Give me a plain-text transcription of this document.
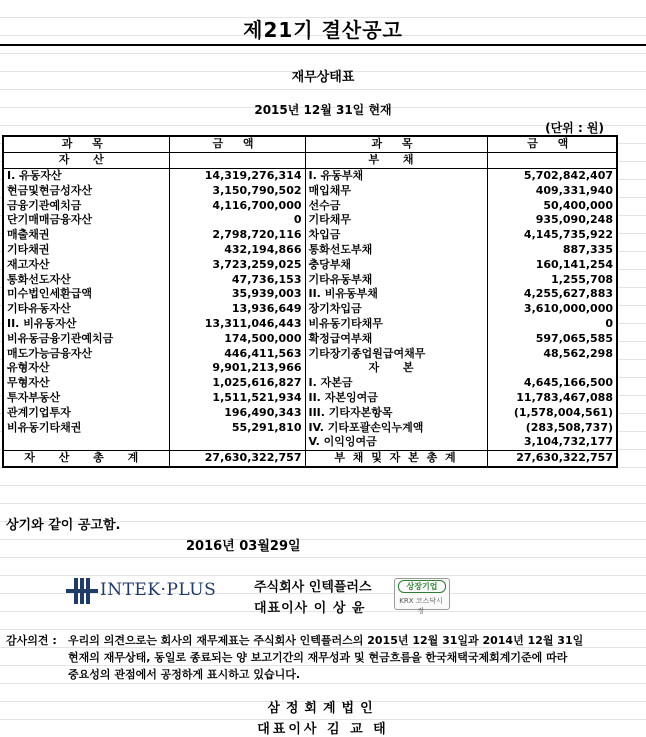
제21기 결산공고
재무상태표
2015년 12월 31일 현재
(단위 : 원)
과 목	금 액	과 목	금 액
자 산		부 채	
I. 유동자산	14,319,276,314	I. 유동부채	5,702,842,407
현금및현금성자산	3,150,790,502	매입채무	409,331,940
금융기관예치금	4,116,700,000	선수금	50,400,000
단기매매금융자산	0	기타채무	935,090,248
매출채권	2,798,720,116	차입금	4,145,735,922
기타채권	432,194,866	통화선도부채	887,335
재고자산	3,723,259,025	충당부채	160,141,254
통화선도자산	47,736,153	기타유동부채	1,255,708
미수법인세환급액	35,939,003	II. 비유동부채	4,255,627,883
기타유동자산	13,936,649	장기차입금	3,610,000,000
II. 비유동자산	13,311,046,443	비유동기타채무	0
비유동금융기관예치금	174,500,000	확정급여부채	597,065,585
매도가능금융자산	446,411,563	기타장기종업원급여채무	48,562,298
유형자산	9,901,213,966	자 본	
무형자산	1,025,616,827	I. 자본금	4,645,166,500
투자부동산	1,511,521,934	II. 자본잉여금	11,783,467,088
관계기업투자	196,490,343	III. 기타자본항목	(1,578,004,561)
비유동기타채권	55,291,810	IV. 기타포괄손익누계액	(283,508,737)
		V. 이익잉여금	3,104,732,177
자 산 총 계	27,630,322,757	부 채 및 자 본 총 계	27,630,322,757
상기와 같이 공고함.
2016년 03월29일
INTEK·PLUS	주식회사 인텍플러스
대표이사 이 상 윤
상장기업
KRX 코스닥시장
감사의견 : 우리의 의견으로는 회사의 재무제표는 주식회사 인텍플러스의 2015년 12월 31일과 2014년 12월 31일
현재의 재무상태, 동일로 종료되는 양 보고기간의 재무성과 및 현금흐름을 한국채택국제회계기준에 따라
중요성의 관점에서 공정하게 표시하고 있습니다.
삼정회계법인
대표이사 김 교 태
